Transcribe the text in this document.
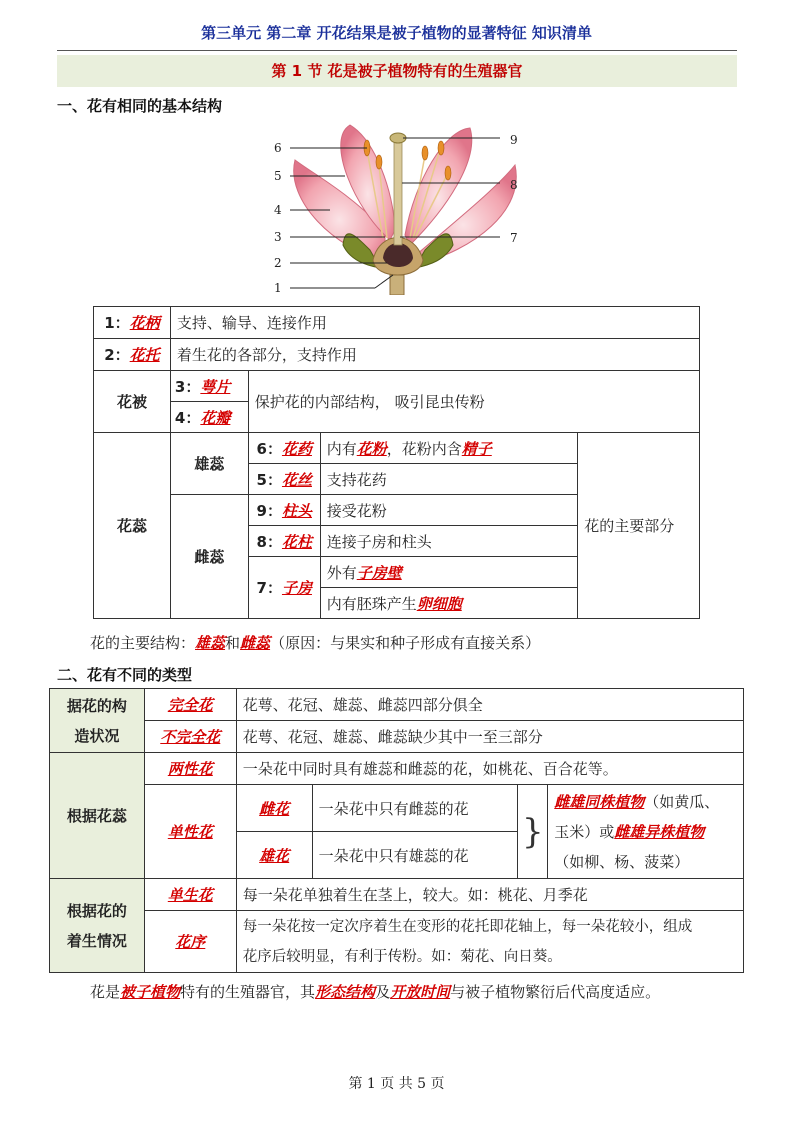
第三单元 第二章 开花结果是被子植物的显著特征 知识清单
第 1 节 花是被子植物特有的生殖器官
一、花有相同的基本结构
1
2
3
4
5
6
7
8
9
1：花柄	支持、输导、连接作用			
2：花托	着生花的各部分，支持作用			
花被	3：萼片	保护花的内部结构， 吸引昆虫传粉		
	4：花瓣			
花蕊	雄蕊	6：花药	内有花粉，花粉内含精子	花的主要部分
		5：花丝	支持花药	
	雌蕊	9：柱头	接受花粉	
		8：花柱	连接子房和柱头	
		7：子房	外有子房壁	
			内有胚珠产生卵细胞	
花的主要结构：雄蕊和雌蕊（原因：与果实和种子形成有直接关系）
二、花有不同的类型
据花的构
造状况	完全花	花萼、花冠、雄蕊、雌蕊四部分俱全			
	不完全花	花萼、花冠、雄蕊、雌蕊缺少其中一至三部分			
根据花蕊	两性花	一朵花中同时具有雄蕊和雌蕊的花，如桃花、百合花等。			
	单性花	雌花	一朵花中只有雌蕊的花	}	雌雄同株植物（如黄瓜、
玉米）或雌雄异株植物
（如柳、杨、菠菜）
		雄花	一朵花中只有雄蕊的花		
根据花的
着生情况	单生花	每一朵花单独着生在茎上，较大。如：桃花、月季花			
	花序	每一朵花按一定次序着生在变形的花托即花轴上，每一朵花较小，组成
花序后较明显，有利于传粉。如：菊花、向日葵。			
花是被子植物特有的生殖器官，其形态结构及开放时间与被子植物繁衍后代高度适应。
第 1 页 共 5 页
